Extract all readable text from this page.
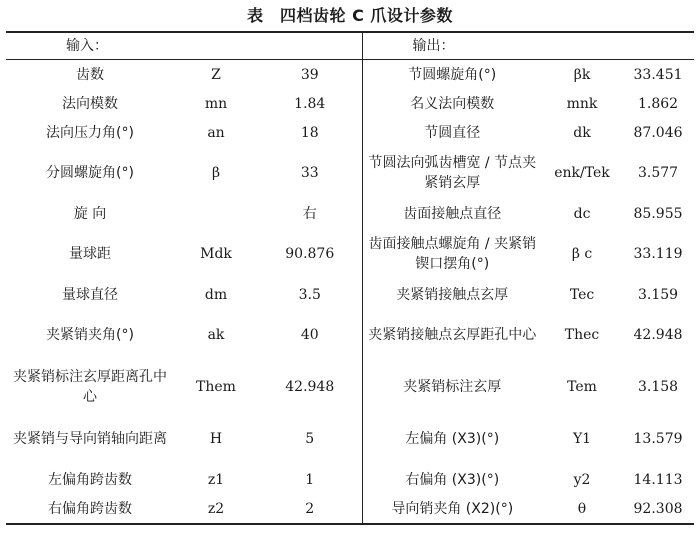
表　四档齿轮 C 爪设计参数
输入：			输出：		
齿数	Z	39	节圆螺旋角(°)	βk	33.451
法向模数	mn	1.84	名义法向模数	mnk	1.862
法向压力角(°)	an	18	节圆直径	dk	87.046
分圆螺旋角(°)	β	33	节圆法向弧齿槽宽 / 节点夹紧销玄厚	enk/Tek	3.577
旋 向		右	齿面接触点直径	dc	85.955
量球距	Mdk	90.876	齿面接触点螺旋角 / 夹紧销锲口摆角(°)	β c	33.119
量球直径	dm	3.5	夹紧销接触点玄厚	Tec	3.159
夹紧销夹角(°)	ak	40	夹紧销接触点玄厚距孔中心	Thec	42.948
夹紧销标注玄厚距离孔中心	Them	42.948	夹紧销标注玄厚	Tem	3.158
夹紧销与导向销轴向距离	H	5	左偏角 (X3)(°)	Y1	13.579
左偏角跨齿数	z1	1	右偏角 (X3)(°)	y2	14.113
右偏角跨齿数	z2	2	导向销夹角 (X2)(°)	θ	92.308
